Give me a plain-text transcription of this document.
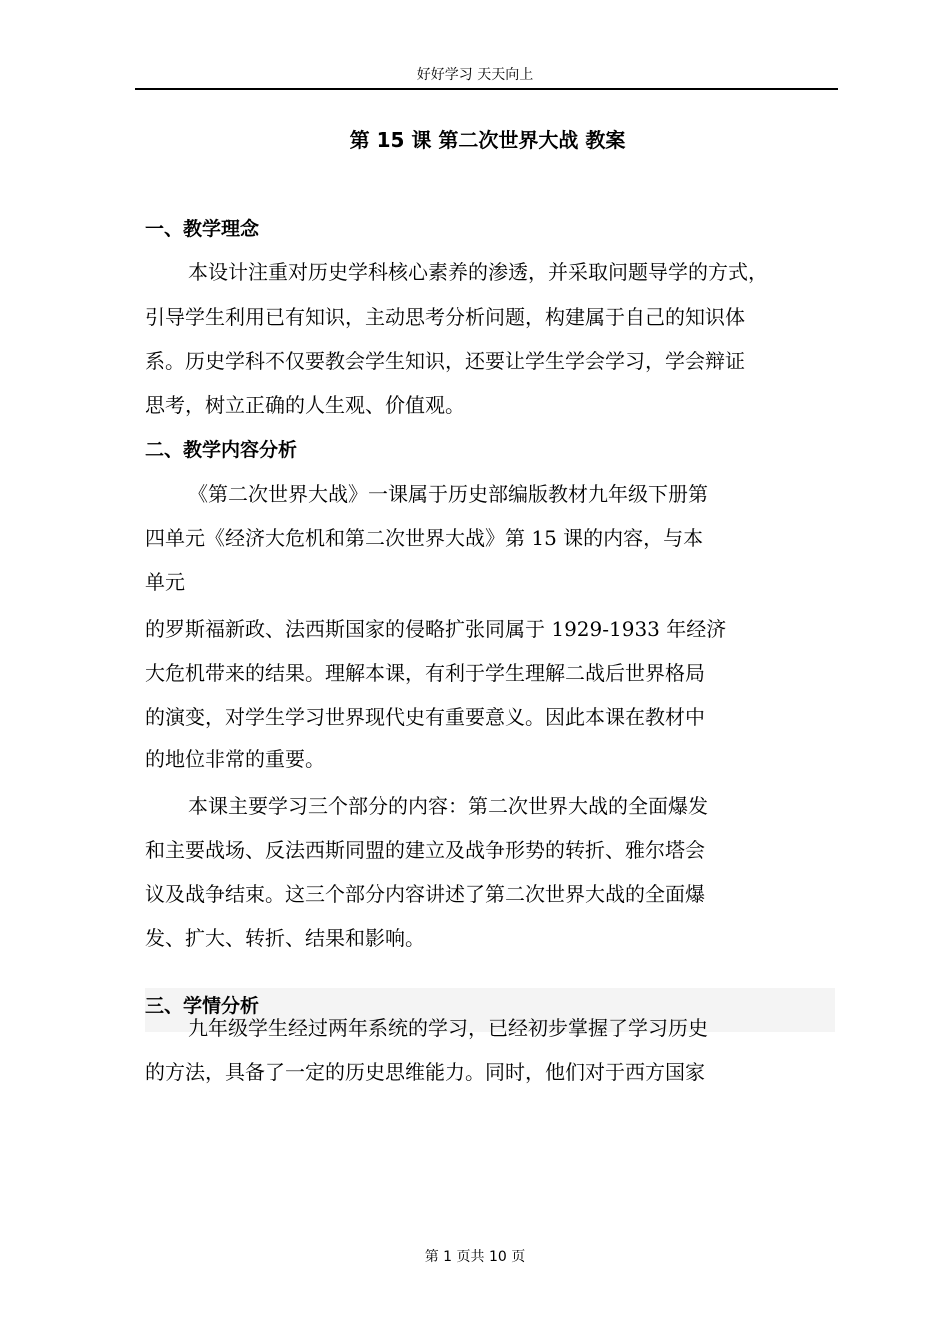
好好学习 天天向上
第 15 课 第二次世界大战 教案
一、教学理念
本设计注重对历史学科核心素养的渗透，并采取问题导学的方式，
引导学生利用已有知识，主动思考分析问题，构建属于自己的知识体
系。历史学科不仅要教会学生知识，还要让学生学会学习，学会辩证
思考，树立正确的人生观、价值观。
二、教学内容分析
《第二次世界大战》一课属于历史部编版教材九年级下册第
四单元《经济大危机和第二次世界大战》第 15 课的内容，与本
单元
的罗斯福新政、法西斯国家的侵略扩张同属于 1929-1933 年经济
大危机带来的结果。理解本课，有利于学生理解二战后世界格局
的演变，对学生学习世界现代史有重要意义。因此本课在教材中
的地位非常的重要。
本课主要学习三个部分的内容：第二次世界大战的全面爆发
和主要战场、反法西斯同盟的建立及战争形势的转折、雅尔塔会
议及战争结束。这三个部分内容讲述了第二次世界大战的全面爆
发、扩大、转折、结果和影响。
三、学情分析
九年级学生经过两年系统的学习，已经初步掌握了学习历史
的方法，具备了一定的历史思维能力。同时，他们对于西方国家
第 1 页共 10 页
